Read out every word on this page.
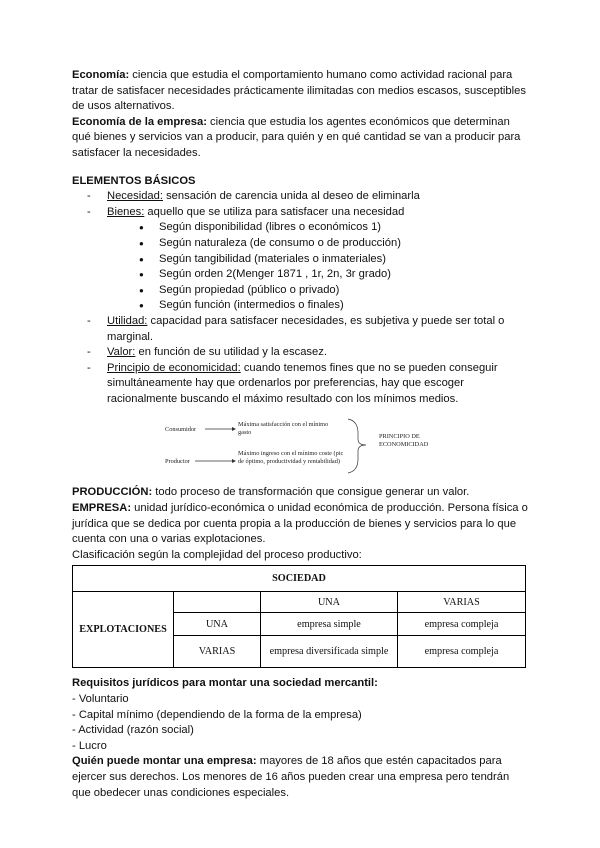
Economía: ciencia que estudia el comportamiento humano como actividad racional para tratar de satisfacer necesidades prácticamente ilimitadas con medios escasos, susceptibles de usos alternativos.

Economía de la empresa: ciencia que estudia los agentes económicos que determinan qué bienes y servicios van a producir, para quién y en qué cantidad se van a producir para satisfacer la necesidades.

ELEMENTOS BÁSICOS

- Necesidad: sensación de carencia unida al deseo de eliminarla
- Bienes: aquello que se utiliza para satisfacer una necesidad
● Según disponibilidad (libres o económicos 1)
● Según naturaleza (de consumo o de producción)
● Según tangibilidad (materiales o inmateriales)
● Según orden 2(Menger 1871 , 1r, 2n, 3r grado)
● Según propiedad (público o privado)
● Según función (intermedios o finales)
- Utilidad: capacidad para satisfacer necesidades, es subjetiva y puede ser total o marginal.
- Valor: en función de su utilidad y la escasez.
- Principio de economicidad: cuando tenemos fines que no se pueden conseguir simultáneamente hay que ordenarlos por preferencias, hay que escoger racionalmente buscando el máximo resultado con los mínimos medios.
Consumidor
Máxima satisfacción con el mínimo gasto
Productor
Máximo ingreso con el mínimo coste (pic de óptimo, productividad y rentabilidad)
PRINCIPIO DE ECONOMICIDAD

PRODUCCIÓN: todo proceso de transformación que consigue generar un valor.

EMPRESA: unidad jurídico-económica o unidad económica de producción. Persona física o jurídica que se dedica por cuenta propia a la producción de bienes y servicios para lo que cuenta con una o varias explotaciones.

Clasificación según la complejidad del proceso productivo:

SOCIEDAD			
EXPLOTACIONES		UNA	VARIAS
	UNA	empresa simple	empresa compleja
	VARIAS	empresa diversificada simple	empresa compleja

Requisitos jurídicos para montar una sociedad mercantil:

- Voluntario
- Capital mínimo (dependiendo de la forma de la empresa)
- Actividad (razón social)
- Lucro

Quién puede montar una empresa: mayores de 18 años que estén capacitados para ejercer sus derechos. Los menores de 16 años pueden crear una empresa pero tendrán que obedecer unas condiciones especiales.
